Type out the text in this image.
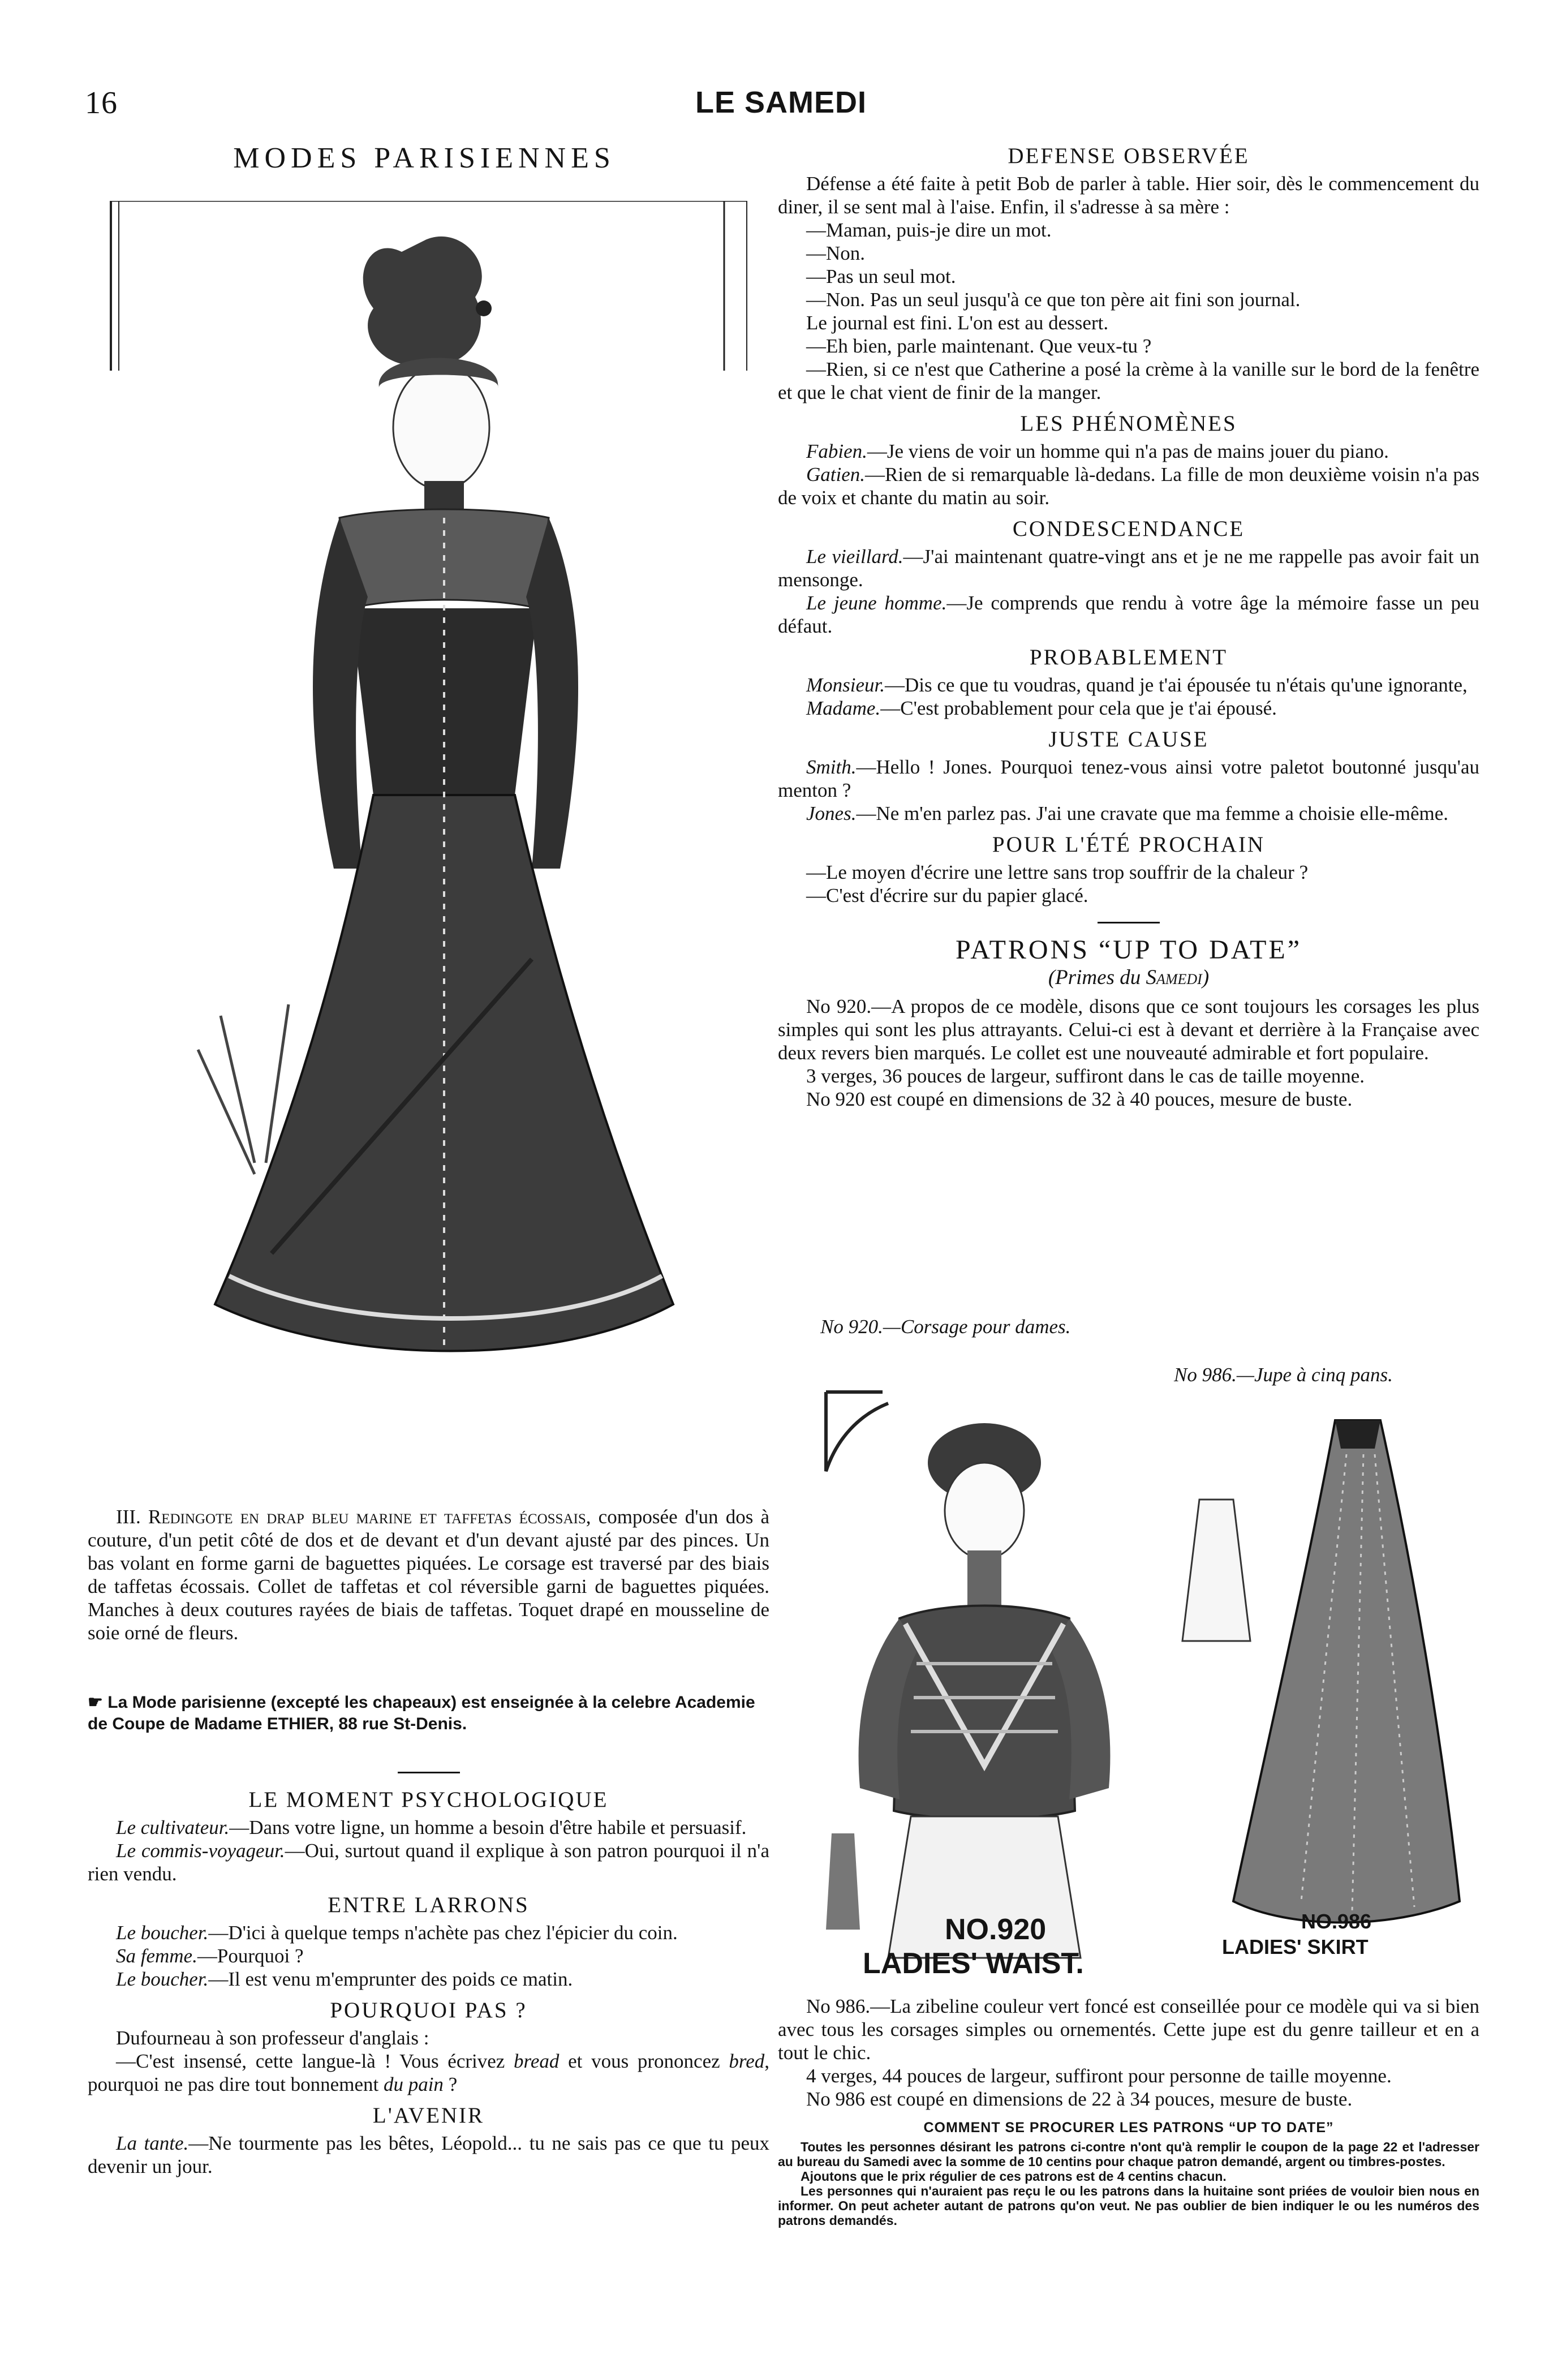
16	LE SAMEDI
MODES PARISIENNES

III. Redingote en drap bleu marine et taffetas écossais, composée d'un dos à couture, d'un petit côté de dos et de devant et d'un devant ajusté par des pinces. Un bas volant en forme garni de baguettes piquées. Le corsage est traversé par des biais de taffetas écossais. Collet de taffetas et col réversible garni de baguettes piquées. Manches à deux coutures rayées de biais de taffetas. Toquet drapé en mousseline de soie orné de fleurs.

☛ La Mode parisienne (excepté les chapeaux) est enseignée à la celebre Academie de Coupe de Madame ETHIER, 88 rue St-Denis.
LE MOMENT PSYCHOLOGIQUE

Le cultivateur.—Dans votre ligne, un homme a besoin d'être habile et persuasif.

Le commis-voyageur.—Oui, surtout quand il explique à son patron pourquoi il n'a rien vendu.

ENTRE LARRONS

Le boucher.—D'ici à quelque temps n'achète pas chez l'épicier du coin.

Sa femme.—Pourquoi ?

Le boucher.—Il est venu m'emprunter des poids ce matin.

POURQUOI PAS ?

Dufourneau à son professeur d'anglais :

—C'est insensé, cette langue-là ! Vous écrivez bread et vous prononcez bred, pourquoi ne pas dire tout bonnement du pain ?

L'AVENIR

La tante.—Ne tourmente pas les bêtes, Léopold... tu ne sais pas ce que tu peux devenir un jour.

DEFENSE OBSERVÉE

Défense a été faite à petit Bob de parler à table. Hier soir, dès le commencement du diner, il se sent mal à l'aise. Enfin, il s'adresse à sa mère :

—Maman, puis-je dire un mot.

—Non.

—Pas un seul mot.

—Non. Pas un seul jusqu'à ce que ton père ait fini son journal.

Le journal est fini. L'on est au dessert.

—Eh bien, parle maintenant. Que veux-tu ?

—Rien, si ce n'est que Catherine a posé la crème à la vanille sur le bord de la fenêtre et que le chat vient de finir de la manger.

LES PHÉNOMÈNES

Fabien.—Je viens de voir un homme qui n'a pas de mains jouer du piano.

Gatien.—Rien de si remarquable là-dedans. La fille de mon deuxième voisin n'a pas de voix et chante du matin au soir.

CONDESCENDANCE

Le vieillard.—J'ai maintenant quatre-vingt ans et je ne me rappelle pas avoir fait un mensonge.

Le jeune homme.—Je comprends que rendu à votre âge la mémoire fasse un peu défaut.

PROBABLEMENT

Monsieur.—Dis ce que tu voudras, quand je t'ai épousée tu n'étais qu'une ignorante,

Madame.—C'est probablement pour cela que je t'ai épousé.

JUSTE CAUSE

Smith.—Hello ! Jones. Pourquoi tenez-vous ainsi votre paletot boutonné jusqu'au menton ?

Jones.—Ne m'en parlez pas. J'ai une cravate que ma femme a choisie elle-même.

POUR L'ÉTÉ PROCHAIN

—Le moyen d'écrire une lettre sans trop souffrir de la chaleur ?

—C'est d'écrire sur du papier glacé.

PATRONS “UP TO DATE”
(Primes du Samedi)

No 920.—A propos de ce modèle, disons que ce sont toujours les corsages les plus simples qui sont les plus attrayants. Celui-ci est à devant et derrière à la Française avec deux revers bien marqués. Le collet est une nouveauté admirable et fort populaire.

3 verges, 36 pouces de largeur, suffiront dans le cas de taille moyenne.

No 920 est coupé en dimensions de 32 à 40 pouces, mesure de buste.

No 920.—Corsage pour dames.
No 986.—Jupe à cinq pans.
NO.920
LADIES' WAIST.
NO.986
LADIES' SKIRT

No 986.—La zibeline couleur vert foncé est conseillée pour ce modèle qui va si bien avec tous les corsages simples ou ornementés. Cette jupe est du genre tailleur et en a tout le chic.

4 verges, 44 pouces de largeur, suffiront pour personne de taille moyenne.

No 986 est coupé en dimensions de 22 à 34 pouces, mesure de buste.

COMMENT SE PROCURER LES PATRONS “UP TO DATE”

Toutes les personnes désirant les patrons ci-contre n'ont qu'à remplir le coupon de la page 22 et l'adresser au bureau du Samedi avec la somme de 10 centins pour chaque patron demandé, argent ou timbres-postes.

Ajoutons que le prix régulier de ces patrons est de 4 centins chacun.

Les personnes qui n'auraient pas reçu le ou les patrons dans la huitaine sont priées de vouloir bien nous en informer. On peut acheter autant de patrons qu'on veut. Ne pas oublier de bien indiquer le ou les numéros des patrons demandés.
